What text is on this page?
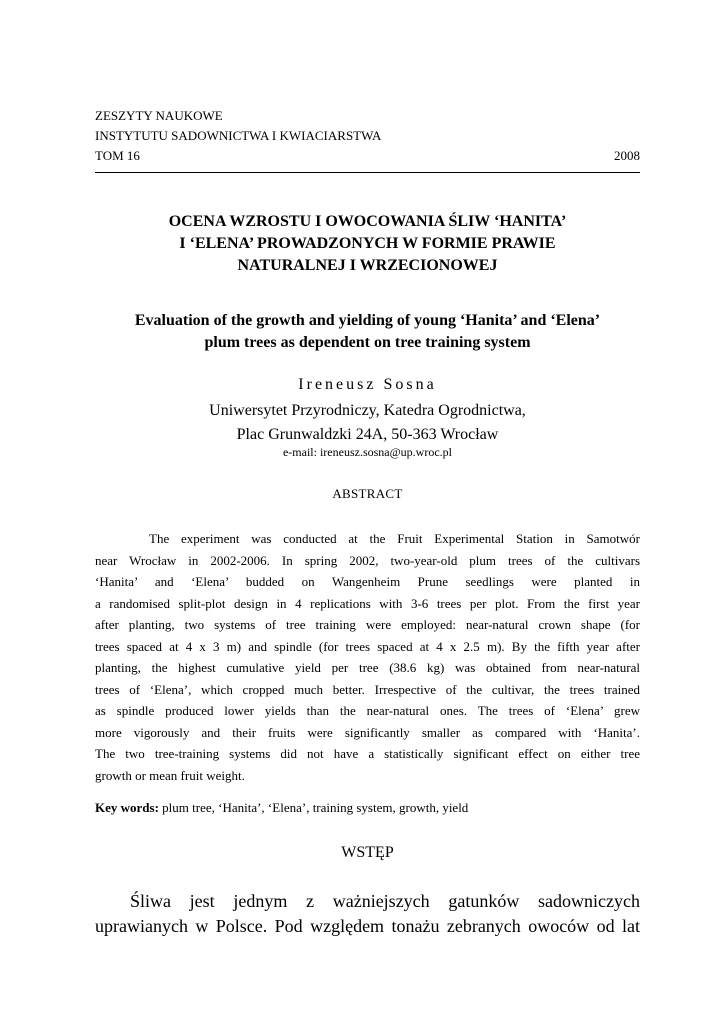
ZESZYTY NAUKOWE
INSTYTUTU SADOWNICTWA I KWIACIARSTWA
TOM 16	2008
OCENA WZROSTU I OWOCOWANIA ŚLIW ‘HANITA’
I ‘ELENA’ PROWADZONYCH W FORMIE PRAWIE
NATURALNEJ I WRZECIONOWEJ
Evaluation of the growth and yielding of young ‘Hanita’ and ‘Elena’
plum trees as dependent on tree training system
Ireneusz Sosna
Uniwersytet Przyrodniczy, Katedra Ogrodnictwa,
Plac Grunwaldzki 24A, 50-363 Wrocław
e-mail: ireneusz.sosna@up.wroc.pl
ABSTRACT
The experiment was conducted at the Fruit Experimental Station in Samotwór
near Wrocław in 2002-2006. In spring 2002, two-year-old plum trees of the cultivars
‘Hanita’ and ‘Elena’ budded on Wangenheim Prune seedlings were planted in
a randomised split-plot design in 4 replications with 3-6 trees per plot. From the first year
after planting, two systems of tree training were employed: near-natural crown shape (for
trees spaced at 4 x 3 m) and spindle (for trees spaced at 4 x 2.5 m). By the fifth year after
planting, the highest cumulative yield per tree (38.6 kg) was obtained from near-natural
trees of ‘Elena’, which cropped much better. Irrespective of the cultivar, the trees trained
as spindle produced lower yields than the near-natural ones. The trees of ‘Elena’ grew
more vigorously and their fruits were significantly smaller as compared with ‘Hanita’.
The two tree-training systems did not have a statistically significant effect on either tree
growth or mean fruit weight.
Key words: plum tree, ‘Hanita’, ‘Elena’, training system, growth, yield
WSTĘP
Śliwa jest jednym z ważniejszych gatunków sadowniczych
uprawianych w Polsce. Pod względem tonażu zebranych owoców od lat
